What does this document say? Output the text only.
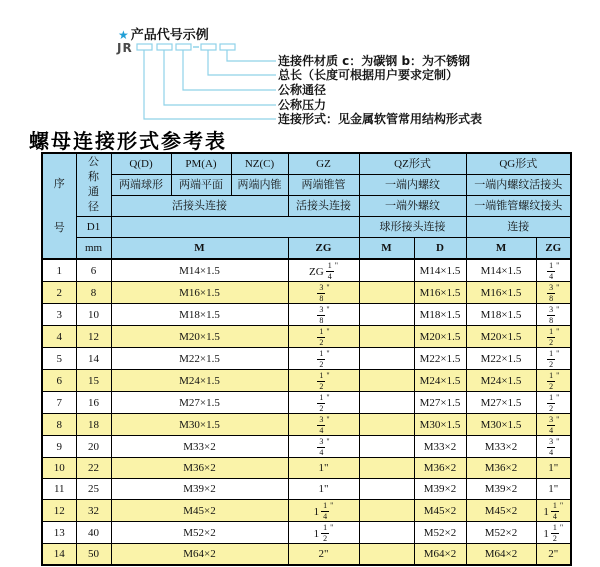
★ 产品代号示例
JR
连接件材质 c：为碳钢 b：为不锈钢
总长（长度可根据用户要求定制）
公称通径
公称压力
连接形式：见金属软管常用结构形式表
螺母连接形式参考表
序号	公称通径	Q(D)	PM(A)	NZ(C)	GZ	QZ形式		QG形式	
		两端球形	两端平面	两端内锥	两端锥管	一端内螺纹		一端内螺纹活接头	
		活接头连接			活接头连接	一端外螺纹		一端锥管螺纹接头	
	D1					球形接头连接		连接	
	mm	M			ZG	M	D	M	ZG
1	6	M14×1.5			ZG $\frac{1}{4} ^"$		M14×1.5	M14×1.5	$\frac{1}{4} ^"$
2	8	M16×1.5			$\frac{3}{8} ^"$		M16×1.5	M16×1.5	$\frac{3}{8} ^"$
3	10	M18×1.5			$\frac{3}{8} ^"$		M18×1.5	M18×1.5	$\frac{3}{8} ^"$
4	12	M20×1.5			$\frac{1}{2} ^"$		M20×1.5	M20×1.5	$\frac{1}{2} ^"$
5	14	M22×1.5			$\frac{1}{2} ^"$		M22×1.5	M22×1.5	$\frac{1}{2} ^"$
6	15	M24×1.5			$\frac{1}{2} ^"$		M24×1.5	M24×1.5	$\frac{1}{2} ^"$
7	16	M27×1.5			$\frac{1}{2} ^"$		M27×1.5	M27×1.5	$\frac{1}{2} ^"$
8	18	M30×1.5			$\frac{3}{4} ^"$		M30×1.5	M30×1.5	$\frac{3}{4} ^"$
9	20	M33×2			$\frac{3}{4} ^"$		M33×2	M33×2	$\frac{3}{4} ^"$
10	22	M36×2			1"		M36×2	M36×2	1"
11	25	M39×2			1"		M39×2	M39×2	1"
12	32	M45×2			$1 \frac{1}{4} ^"$		M45×2	M45×2	$1 \frac{1}{4} ^"$
13	40	M52×2			$1 \frac{1}{2} ^"$		M52×2	M52×2	$1 \frac{1}{2} ^"$
14	50	M64×2			2"		M64×2	M64×2	2"
